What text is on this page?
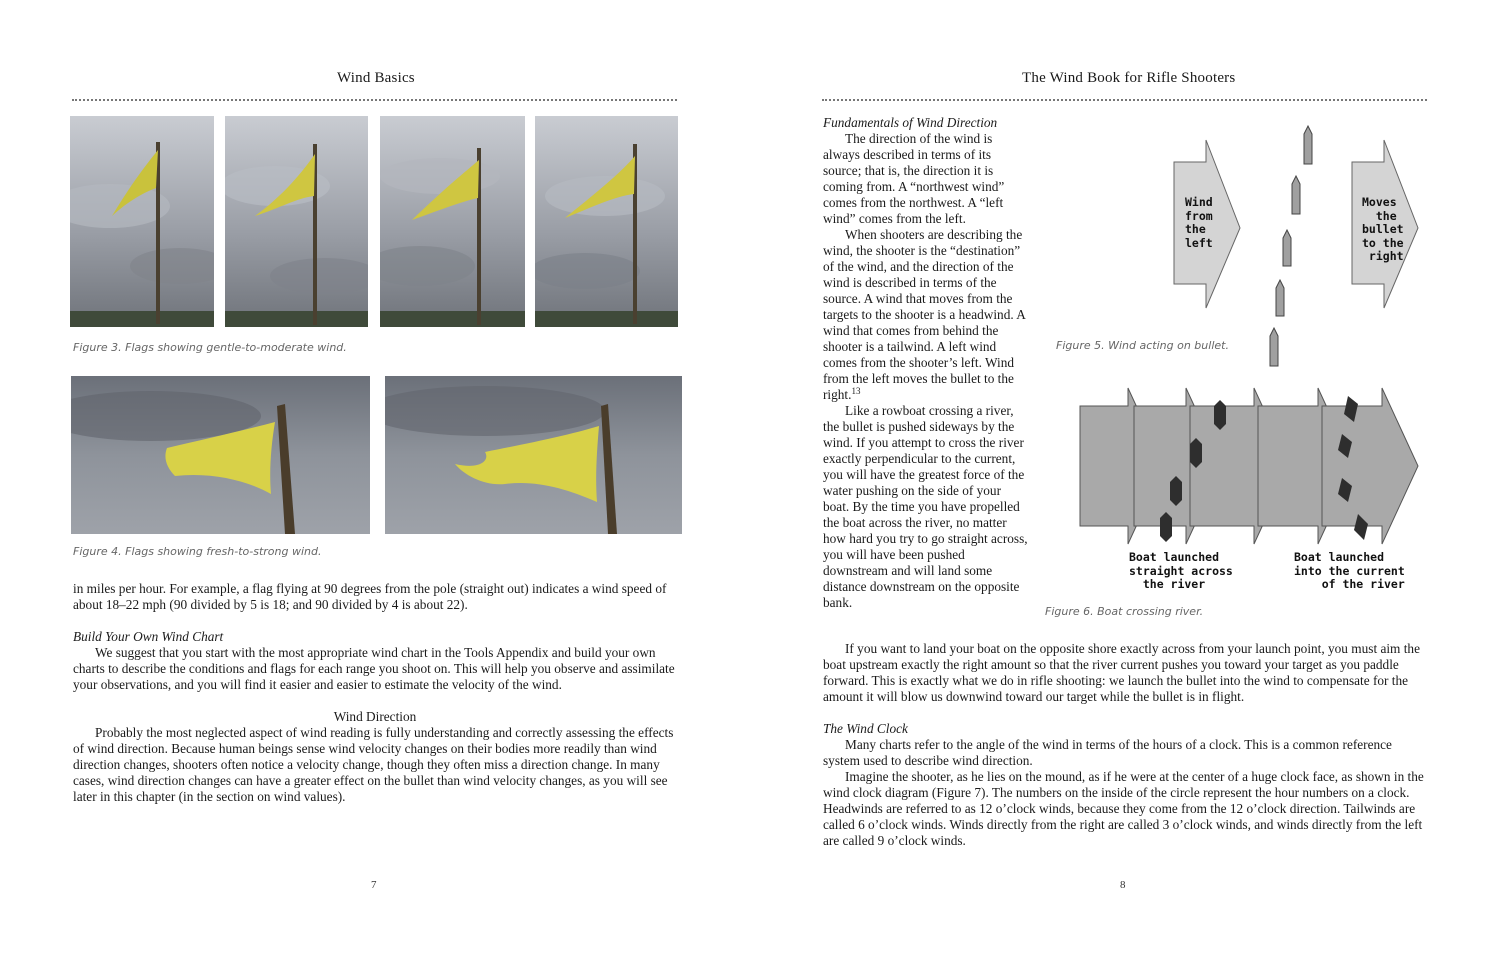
Wind Basics
Figure 3. Flags showing gentle-to-moderate wind.
Figure 4. Flags showing fresh-to-strong wind.

in miles per hour. For example, a flag flying at 90 degrees from the pole (straight out) indicates a wind speed of about 18–22 mph (90 divided by 5 is 18; and 90 divided by 4 is about 22).

Build Your Own Wind Chart

We suggest that you start with the most appropriate wind chart in the Tools Appendix and build your own charts to describe the conditions and flags for each range you shoot on. This will help you observe and assimilate your observations, and you will find it easier and easier to estimate the velocity of the wind.

Wind Direction

Probably the most neglected aspect of wind reading is fully understanding and correctly assessing the effects of wind direction. Because human beings sense wind velocity changes on their bodies more readily than wind direction changes, shooters often notice a velocity change, though they often miss a direction change. In many cases, wind direction changes can have a greater effect on the bullet than wind velocity changes, as you will see later in this chapter (in the section on wind values).

7
The Wind Book for Rifle Shooters
Fundamentals of Wind Direction

The direction of the wind is always described in terms of its source; that is, the direction it is coming from. A “northwest wind” comes from the northwest. A “left wind” comes from the left.

When shooters are describing the wind, the shooter is the “destination” of the wind, and the direction of the wind is described in terms of the source. A wind that moves from the targets to the shooter is a headwind. A wind that comes from behind the shooter is a tailwind. A left wind comes from the shooter’s left. Wind from the left moves the bullet to the right.$^{13}$

Like a rowboat crossing a river, the bullet is pushed sideways by the wind. If you attempt to cross the river exactly perpendicular to the current, you will have the greatest force of the water pushing on the side of your boat. By the time you have propelled the boat across the river, no matter how hard you try to go straight across, you will have been pushed downstream and will land some distance downstream on the opposite bank.

If you want to land your boat on the opposite shore exactly across from your launch point, you must aim the boat upstream exactly the right amount so that the river current pushes you toward your target as you paddle forward. This is exactly what we do in rifle shooting: we launch the bullet into the wind to compensate for the amount it will blow us downwind toward our target while the bullet is in flight.

The Wind Clock

Many charts refer to the angle of the wind in terms of the hours of a clock. This is a common reference system used to describe wind direction.

Imagine the shooter, as he lies on the mound, as if he were at the center of a huge clock face, as shown in the wind clock diagram (Figure 7). The numbers on the inside of the circle represent the hour numbers on a clock. Headwinds are referred to as 12 o’clock winds, because they come from the 12 o’clock direction. Tailwinds are called 6 o’clock winds. Winds directly from the right are called 3 o’clock winds, and winds directly from the left are called 9 o’clock winds.

Wind
from
the
left
Moves
the
bullet
to the
right
Figure 5. Wind acting on bullet.
Boat launched
straight across
the river
Boat launched
into the current
of the river
Figure 6. Boat crossing river.
8
